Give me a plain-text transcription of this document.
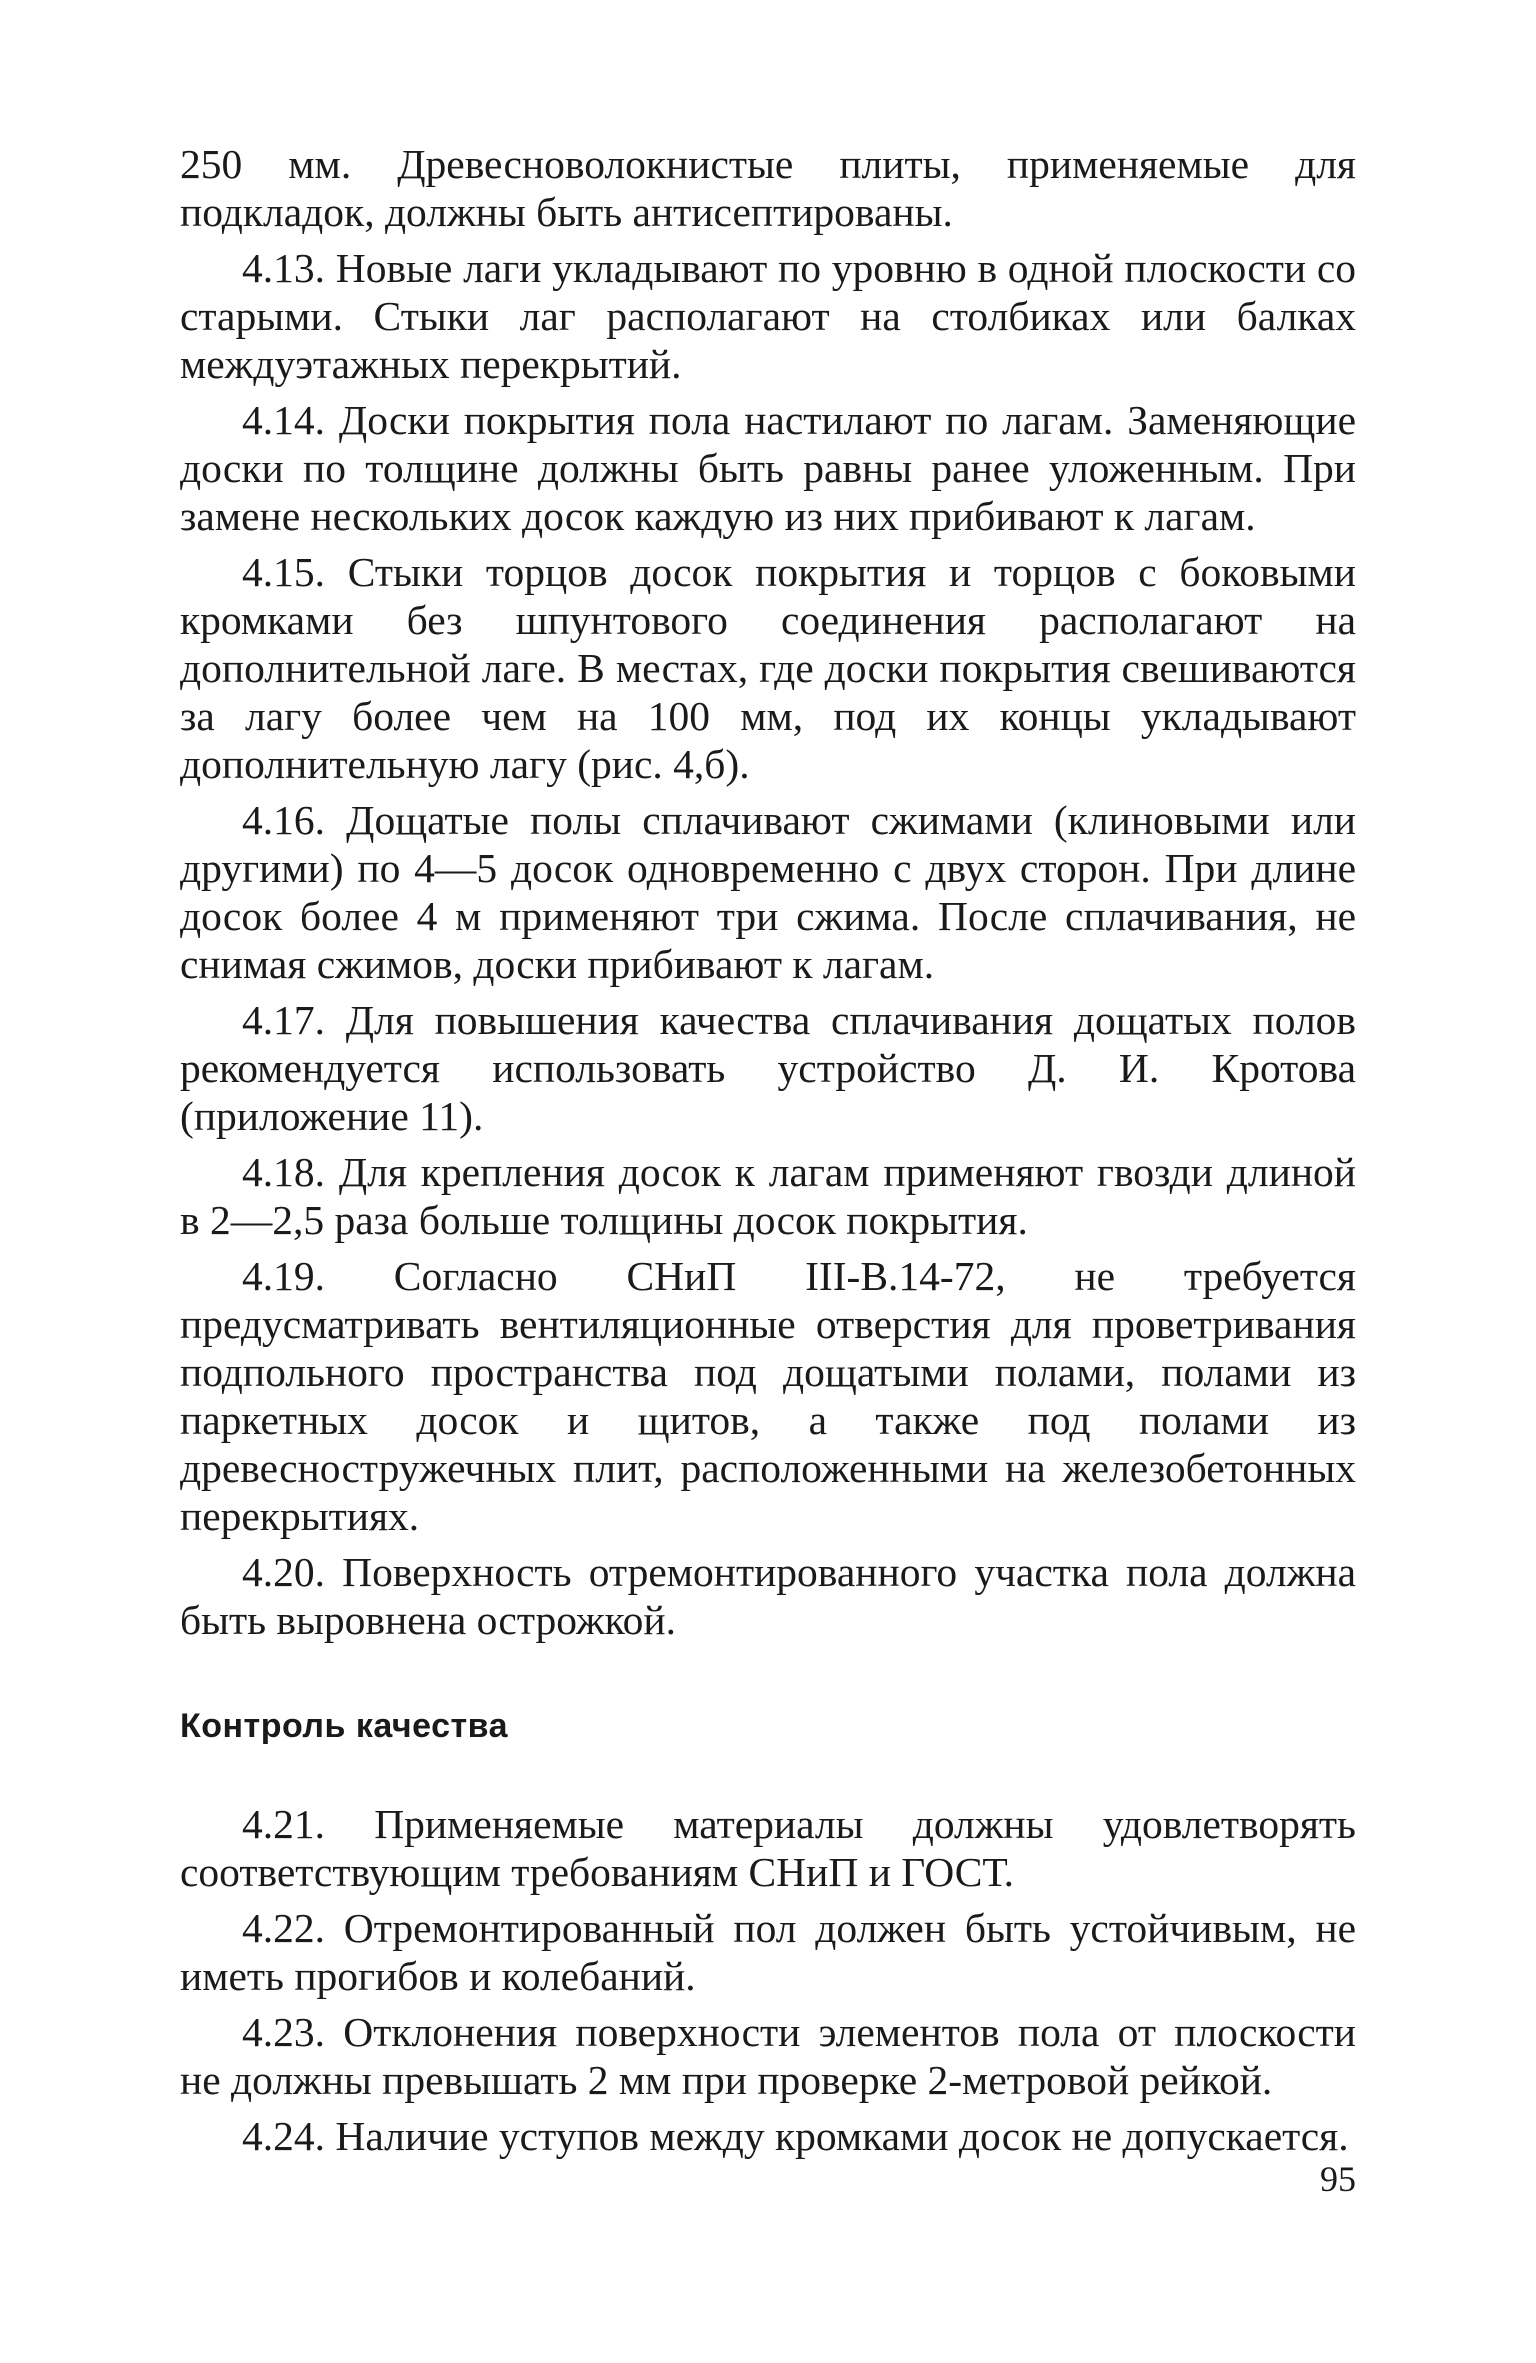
250 мм. Древесноволокнистые плиты, применяемые для подкладок, должны быть антисептированы.

4.13. Новые лаги укладывают по уровню в одной плоскости со старыми. Стыки лаг располагают на столбиках или балках междуэтажных перекрытий.

4.14. Доски покрытия пола настилают по лагам. Заменяющие доски по толщине должны быть равны ранее уложенным. При замене нескольких досок каждую из них прибивают к лагам.

4.15. Стыки торцов досок покрытия и торцов с боковыми кромками без шпунтового соединения располагают на дополнительной лаге. В местах, где доски покрытия свешиваются за лагу более чем на 100 мм, под их концы укладывают дополнительную лагу (рис. 4,б).

4.16. Дощатые полы сплачивают сжимами (клиновыми или другими) по 4—5 досок одновременно с двух сторон. При длине досок более 4 м применяют три сжима. После сплачивания, не снимая сжимов, доски прибивают к лагам.

4.17. Для повышения качества сплачивания дощатых полов рекомендуется использовать устройство Д. И. Кротова (приложение 11).

4.18. Для крепления досок к лагам применяют гвозди длиной в 2—2,5 раза больше толщины досок покрытия.

4.19. Согласно СНиП III-В.14-72, не требуется предусматривать вентиляционные отверстия для проветривания подпольного пространства под дощатыми полами, полами из паркетных досок и щитов, а также под полами из древесностружечных плит, расположенными на железобетонных перекрытиях.

4.20. Поверхность отремонтированного участка пола должна быть выровнена острожкой.

Контроль качества

4.21. Применяемые материалы должны удовлетворять соответствующим требованиям СНиП и ГОСТ.

4.22. Отремонтированный пол должен быть устойчивым, не иметь прогибов и колебаний.

4.23. Отклонения поверхности элементов пола от плоскости не должны превышать 2 мм при проверке 2-метровой рейкой.

4.24. Наличие уступов между кромками досок не допускается.

95
